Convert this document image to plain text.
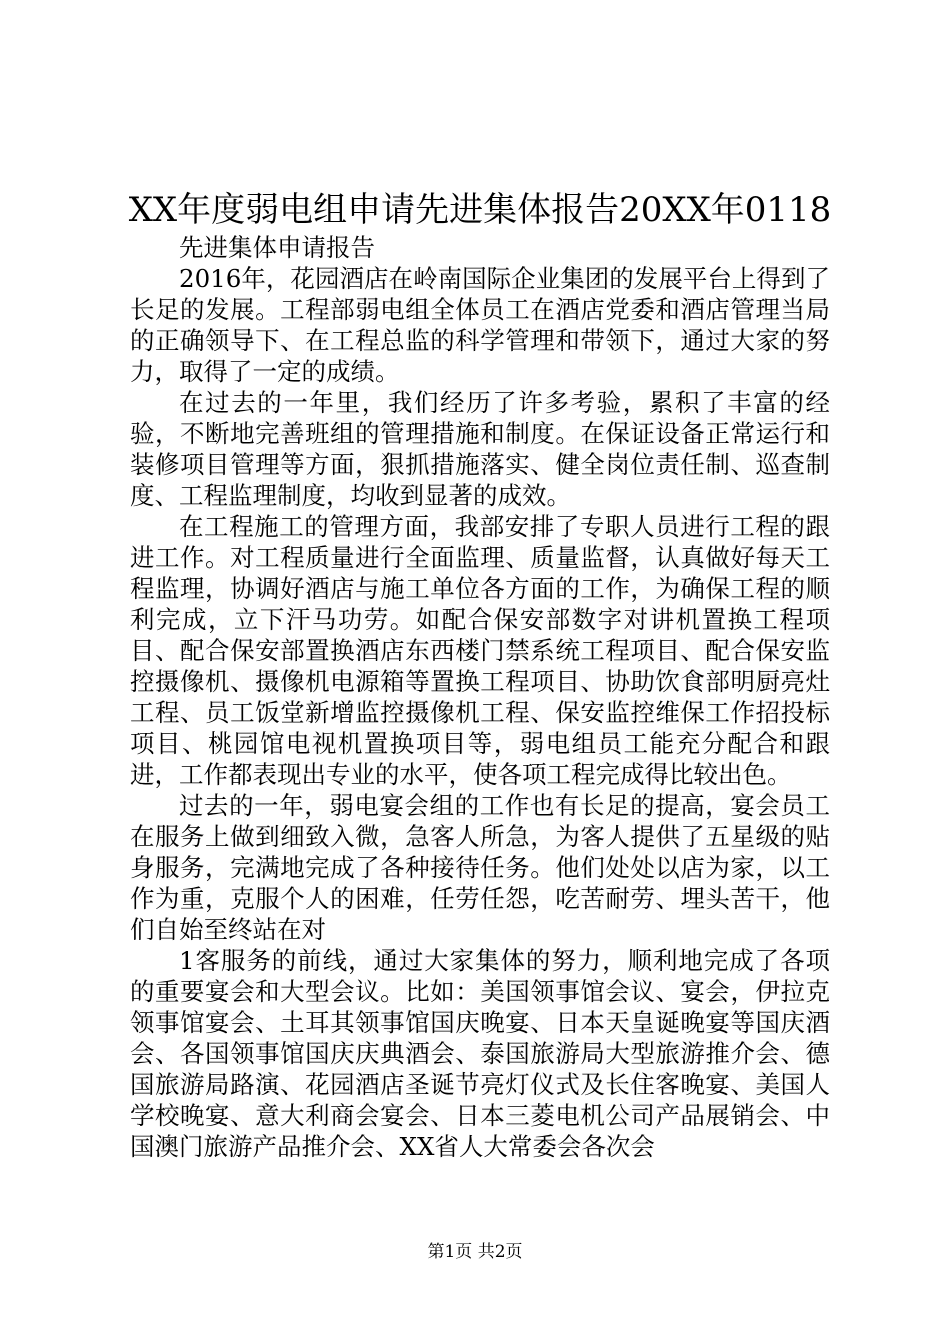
XX年度弱电组申请先进集体报告20XX年0118

先进集体申请报告

2016年，花园酒店在岭南国际企业集团的发展平台上得到了长足的发展。工程部弱电组全体员工在酒店党委和酒店管理当局的正确领导下、在工程总监的科学管理和带领下，通过大家的努力，取得了一定的成绩。

在过去的一年里，我们经历了许多考验，累积了丰富的经验，不断地完善班组的管理措施和制度。在保证设备正常运行和装修项目管理等方面，狠抓措施落实、健全岗位责任制、巡查制度、工程监理制度，均收到显著的成效。

在工程施工的管理方面，我部安排了专职人员进行工程的跟进工作。对工程质量进行全面监理、质量监督，认真做好每天工程监理，协调好酒店与施工单位各方面的工作，为确保工程的顺利完成，立下汗马功劳。如配合保安部数字对讲机置换工程项目、配合保安部置换酒店东西楼门禁系统工程项目、配合保安监控摄像机、摄像机电源箱等置换工程项目、协助饮食部明厨亮灶工程、员工饭堂新增监控摄像机工程、保安监控维保工作招投标项目、桃园馆电视机置换项目等，弱电组员工能充分配合和跟进，工作都表现出专业的水平，使各项工程完成得比较出色。

过去的一年，弱电宴会组的工作也有长足的提高，宴会员工在服务上做到细致入微，急客人所急，为客人提供了五星级的贴身服务，完满地完成了各种接待任务。他们处处以店为家，以工作为重，克服个人的困难，任劳任怨，吃苦耐劳、埋头苦干，他们自始至终站在对

1客服务的前线，通过大家集体的努力，顺利地完成了各项的重要宴会和大型会议。比如：美国领事馆会议、宴会，伊拉克领事馆宴会、土耳其领事馆国庆晚宴、日本天皇诞晚宴等国庆酒会、各国领事馆国庆庆典酒会、泰国旅游局大型旅游推介会、德国旅游局路演、花园酒店圣诞节亮灯仪式及长住客晚宴、美国人学校晚宴、意大利商会宴会、日本三菱电机公司产品展销会、中国澳门旅游产品推介会、XX省人大常委会各次会

第1页 共2页
